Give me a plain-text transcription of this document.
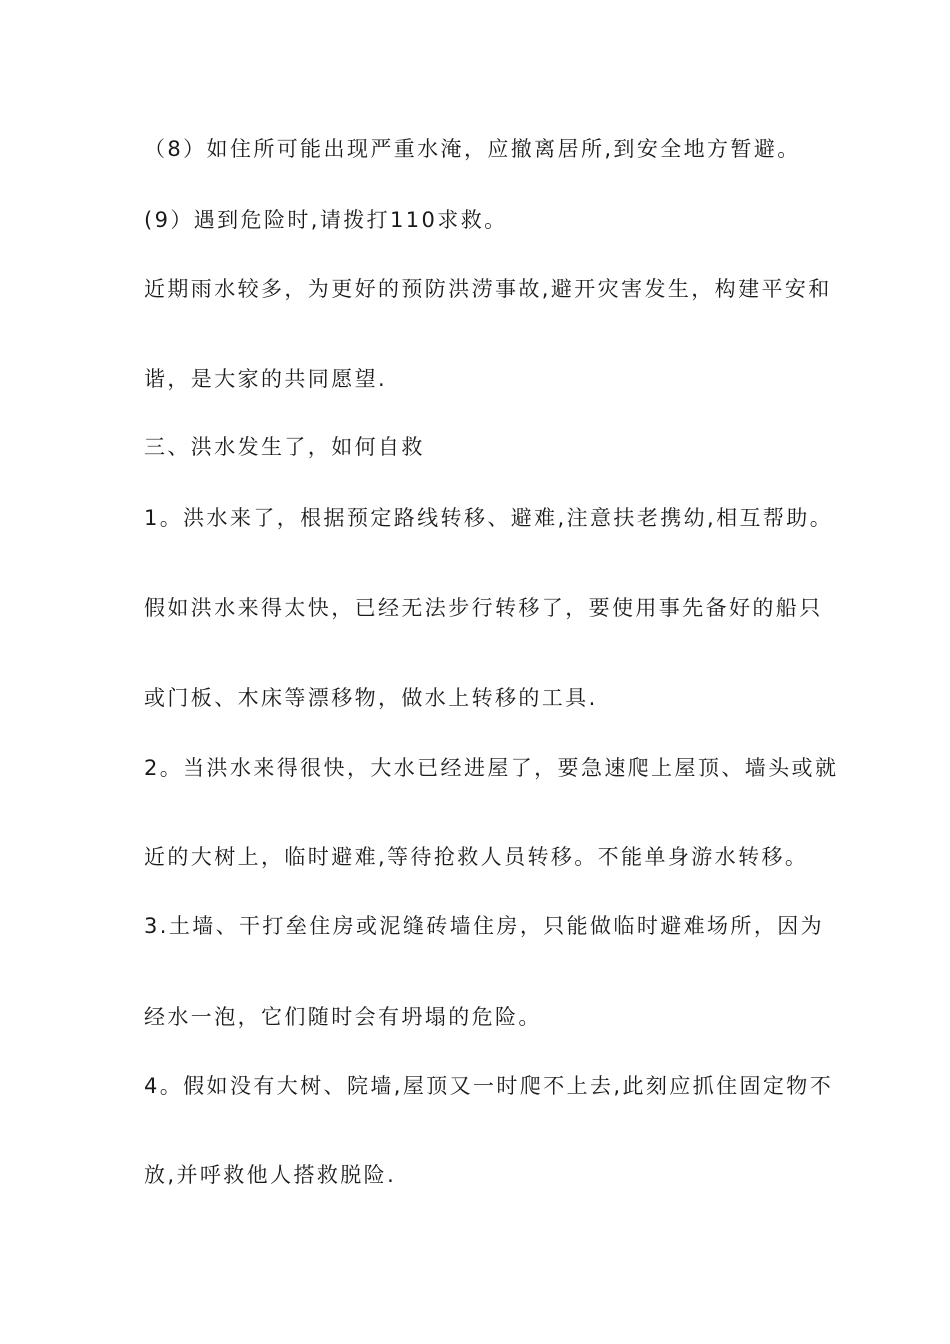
（8）如住所可能出现严重水淹，应撤离居所,到安全地方暂避。
(9）遇到危险时,请拨打110求救。
近期雨水较多，为更好的预防洪涝事故,避开灾害发生，构建平安和
谐，是大家的共同愿望.
三、洪水发生了，如何自救
1。洪水来了，根据预定路线转移、避难,注意扶老携幼,相互帮助。
假如洪水来得太快，已经无法步行转移了，要使用事先备好的船只
或门板、木床等漂移物，做水上转移的工具.
2。当洪水来得很快，大水已经进屋了，要急速爬上屋顶、墙头或就
近的大树上，临时避难,等待抢救人员转移。不能单身游水转移。
3.土墙、干打垒住房或泥缝砖墙住房，只能做临时避难场所，因为
经水一泡，它们随时会有坍塌的危险。
4。假如没有大树、院墙,屋顶又一时爬不上去,此刻应抓住固定物不
放,并呼救他人搭救脱险.
